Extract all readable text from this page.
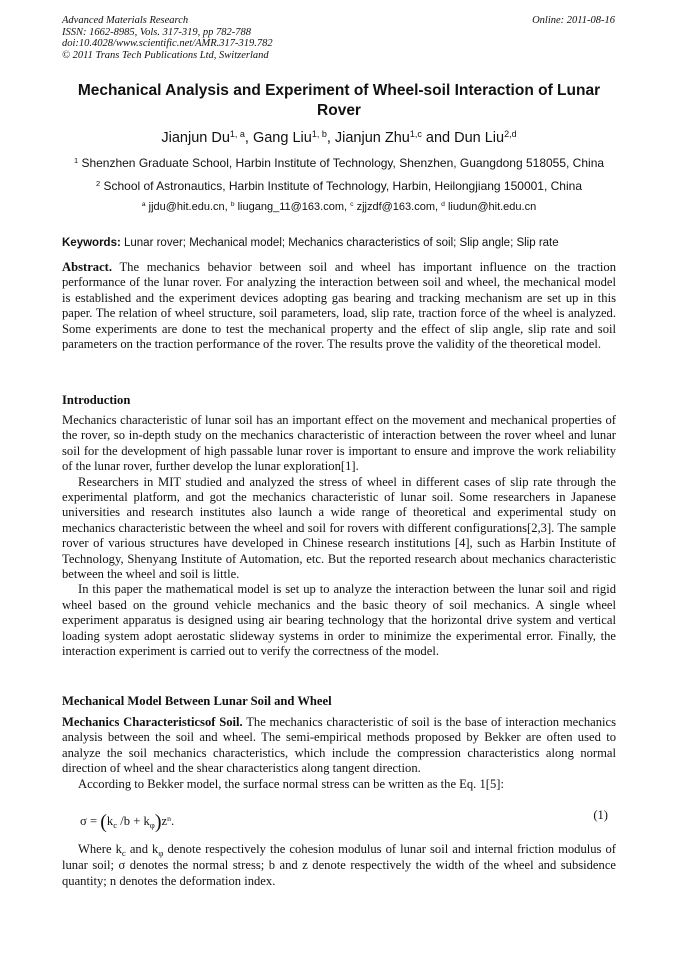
Advanced Materials Research
ISSN: 1662-8985, Vols. 317-319, pp 782-788
doi:10.4028/www.scientific.net/AMR.317-319.782
© 2011 Trans Tech Publications Ltd, Switzerland
Online: 2011-08-16
Mechanical Analysis and Experiment of Wheel-soil Interaction of Lunar Rover
Jianjun Du$^{1, a}$, Gang Liu$^{1, b}$, Jianjun Zhu$^{1,c}$ and Dun Liu$^{2,d}$
$^1$ Shenzhen Graduate School, Harbin Institute of Technology, Shenzhen, Guangdong 518055, China
$^2$ School of Astronautics, Harbin Institute of Technology, Harbin, Heilongjiang 150001, China
$^a$ jjdu@hit.edu.cn, $^b$ liugang_11@163.com, $^c$ zjjzdf@163.com, $^d$ liudun@hit.edu.cn
Keywords: Lunar rover; Mechanical model; Mechanics characteristics of soil; Slip angle; Slip rate

Abstract. The mechanics behavior between soil and wheel has important influence on the traction performance of the lunar rover. For analyzing the interaction between soil and wheel, the mechanical model is established and the experiment devices adopting gas bearing and tracking mechanism are set up in this paper. The relation of wheel structure, soil parameters, load, slip rate, traction force of the wheel is analyzed. Some experiments are done to test the mechanical property and the effect of slip angle, slip rate and soil parameters on the traction performance of the rover. The results prove the validity of the theoretical model.

Introduction

Mechanics characteristic of lunar soil has an important effect on the movement and mechanical properties of the rover, so in-depth study on the mechanics characteristic of interaction between the rover wheel and lunar soil for the development of high passable lunar rover is important to ensure and improve the work reliability of the lunar rover, further develop the lunar exploration[1].

Researchers in MIT studied and analyzed the stress of wheel in different cases of slip rate through the experimental platform, and got the mechanics characteristic of lunar soil. Some researchers in Japanese universities and research institutes also launch a wide range of theoretical and experimental study on mechanics characteristic between the wheel and soil for rovers with different configurations[2,3]. The sample rover of various structures have developed in Chinese research institutions [4], such as Harbin Institute of Technology, Shenyang Institute of Automation, etc. But the reported research about mechanics characteristic between the wheel and soil is little.

In this paper the mathematical model is set up to analyze the interaction between the lunar soil and rigid wheel based on the ground vehicle mechanics and the basic theory of soil mechanics. A single wheel experiment apparatus is designed using air bearing technology that the horizontal drive system and vertical loading system adopt aerostatic slideway systems in order to minimize the experimental error. Finally, the interaction experiment is carried out to verify the correctness of the model.

Mechanical Model Between Lunar Soil and Wheel

Mechanics Characteristicsof Soil. The mechanics characteristic of soil is the base of interaction mechanics analysis between the soil and wheel. The semi-empirical methods proposed by Bekker are often used to analyze the soil mechanics characteristics, which include the compression characteristics along normal direction of wheel and the shear characteristics along tangent direction.

According to Bekker model, the surface normal stress can be written as the Eq. 1[5]:

$\sigma = (k_c$ $/b + k_\varphi)z^n$.	(1)

Where $k_c$ and $k_\varphi$ denote respectively the cohesion modulus of lunar soil and internal friction modulus of lunar soil; σ denotes the normal stress; b and z denote respectively the width of the wheel and subsidence quantity; n denotes the deformation index.
